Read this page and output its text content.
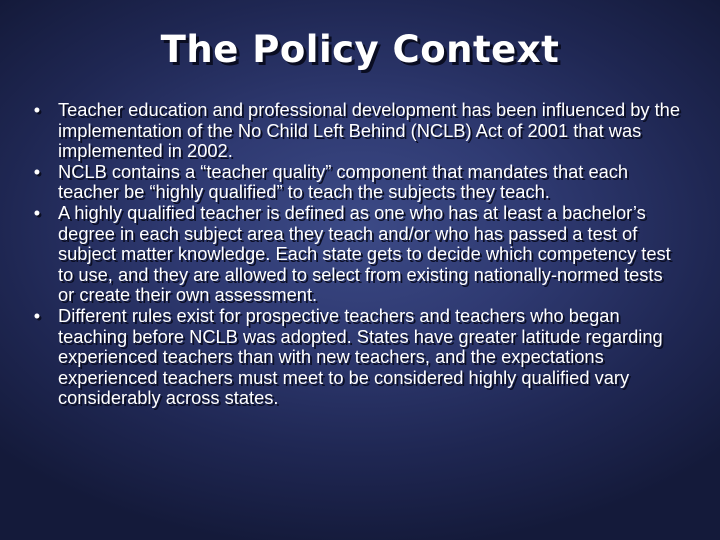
The Policy Context
• Teacher education and professional development has been influenced by the implementation of the No Child Left Behind (NCLB) Act of 2001 that was implemented in 2002.
• NCLB contains a “teacher quality” component that mandates that each teacher be “highly qualified” to teach the subjects they teach.
• A highly qualified teacher is defined as one who has at least a bachelor’s degree in each subject area they teach and/or who has passed a test of subject matter knowledge. Each state gets to decide which competency test to use, and they are allowed to select from existing nationally-normed tests or create their own assessment.
• Different rules exist for prospective teachers and teachers who began teaching before NCLB was adopted. States have greater latitude regarding experienced teachers than with new teachers, and the expectations experienced teachers must meet to be considered highly qualified vary considerably across states.
